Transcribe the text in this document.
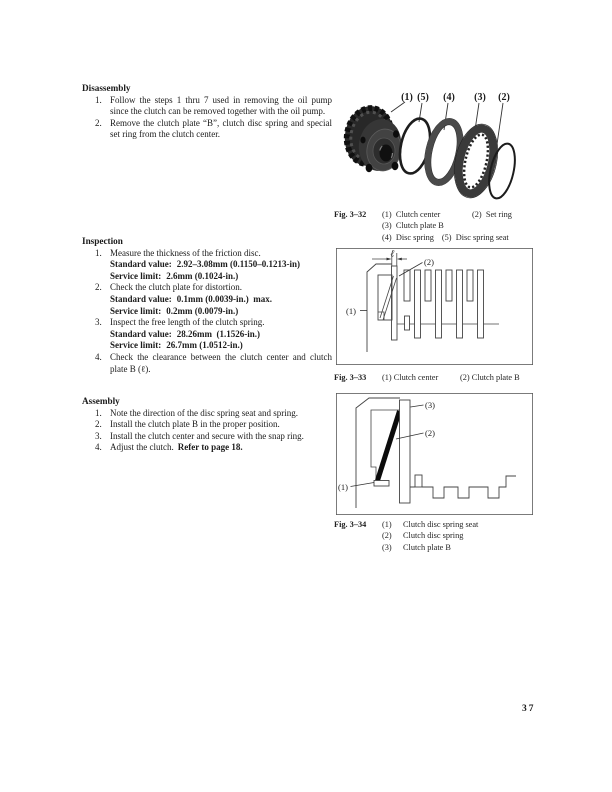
Disassembly
1. Follow the steps 1 thru 7 used in removing the oil pump since the clutch can be removed together with the oil pump.
2. Remove the clutch plate “B”, clutch disc spring and special set ring from the clutch center.
Inspection
1. Measure the thickness of the friction disc.
Standard value: 2.92–3.08mm (0.1150–0.1213-in)
Service limit: 2.6mm (0.1024-in.)
2. Check the clutch plate for distortion.
Standard value: 0.1mm (0.0039-in.)  max.
Service limit: 0.2mm (0.0079-in.)
3. Inspect the free length of the clutch spring.
Standard value: 28.26mm  (1.1526-in.)
Service limit: 26.7mm (1.0512-in.)
4. Check the clearance between the clutch center and clutch plate B (ℓ).
Assembly
1. Note the direction of the disc spring seat and spring.
2. Install the clutch plate B in the proper position.
3. Install the clutch center and secure with the snap ring.
4. Adjust the clutch. Refer to page 18.
(1) (5) (4) (3) (2)
Fig. 3–32	(1) Clutch center	(2) Set ring
(3) Clutch plate B
(4) Disc spring (5) Disc spring seat
ℓ
(2)
(1)
Fig. 3–33	(1) Clutch center	(2) Clutch plate B
(3)
(2)
(1)
Fig. 3–34	(1)	Clutch disc spring seat
(2)	Clutch disc spring
(3)	Clutch plate B
37
